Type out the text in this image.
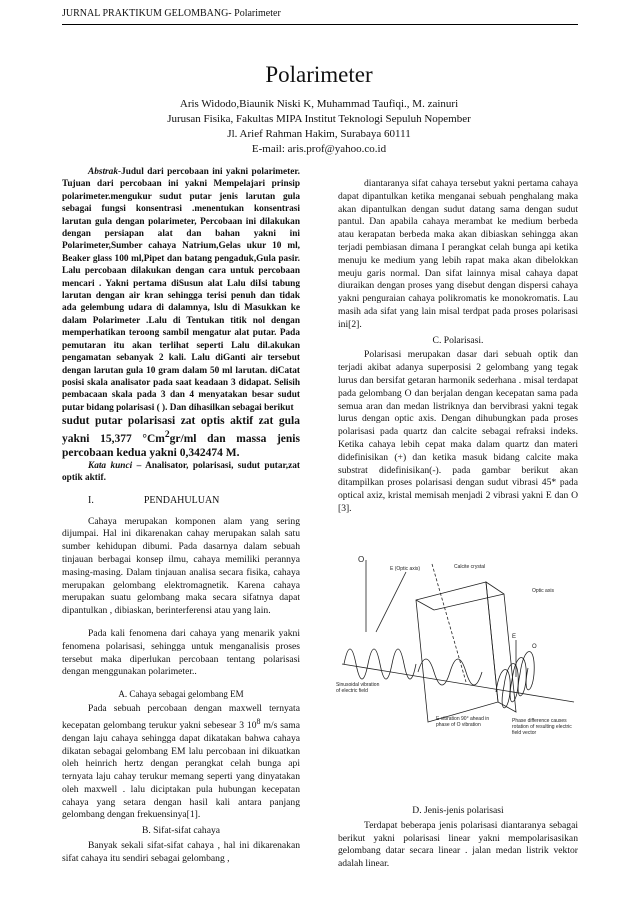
JURNAL PRAKTIKUM GELOMBANG- Polarimeter
Polarimeter
Aris Widodo,Biaunik Niski K, Muhammad Taufiqi., M. zainuri
Jurusan Fisika, Fakultas MIPA Institut Teknologi Sepuluh Nopember
Jl. Arief Rahman Hakim, Surabaya 60111
E-mail: aris.prof@yahoo.co.id

Abstrak-Judul dari percobaan ini yakni polarimeter. Tujuan dari percobaan ini yakni Mempelajari prinsip polarimeter.mengukur sudut putar jenis larutan gula sebagai fungsi konsentrasi .menentukan konsentrasi larutan gula dengan polarimeter, Percobaan ini dilakukan dengan persiapan alat dan bahan yakni ini Polarimeter,Sumber cahaya Natrium,Gelas ukur 10 ml, Beaker glass 100 ml,Pipet dan batang pengaduk,Gula pasir. Lalu percobaan dilakukan dengan cara untuk percobaan mencari . Yakni pertama diSusun alat Lalu diIsi tabung larutan dengan air kran sehingga terisi penuh dan tidak ada gelembung udara di dalamnya, lslu di Masukkan ke dalam Polarimeter .Lalu di Tentukan titik nol dengan memperhatikan teroong sambil mengatur alat putar. Pada pemutaran itu akan terlihat seperti Lalu dil.akukan pengamatan sebanyak 2 kali. Lalu diGanti air tersebut dengan larutan gula 10 gram dalam 50 ml larutan. diCatat posisi skala analisator pada saat keadaan 3 didapat. Selisih pembacaan skala pada 3 dan 4 menyatakan besar sudut putar bidang polarisasi ( ). Dan dihasilkan sebagai berikut

sudut putar polarisasi zat optis aktif zat gula yakni 15,377 °Cm$^2$gr/ml dan massa jenis percobaan kedua yakni 0,342474 M.

Kata kunci – Analisator, polarisasi, sudut putar,zat optik aktif.

I.	PENDAHULUAN

Cahaya merupakan komponen alam yang sering dijumpai. Hal ini dikarenakan cahay merupakan salah satu sumber kehidupan dibumi. Pada dasarnya dalam sebuah tinjauan berbagai konsep ilmu, cahaya memiliki perannya masing-masing. Dalam tinjauan analisa secara fisika, cahaya merupakan gelombang elektromagnetik. Karena cahaya merupakan suatu gelombang maka secara sifatnya dapat dipantulkan , dibiaskan, berinterferensi atau yang lain.

Pada kali fenomena dari cahaya yang menarik yakni fenomena polarisasi, sehingga untuk menganalisis proses tersebut maka diperlukan percobaan tentang polarisasi dengan menggunakan polarimeter..

A. Cahaya sebagai gelombang EM

Pada sebuah percobaan dengan maxwell ternyata kecepatan gelombang terukur yakni sebesear 3 $10^8$ m/s sama dengan laju cahaya sehingga dapat dikatakan bahwa cahaya dikatan sebagai gelombang EM lalu percobaan ini dikuatkan oleh heinrich hertz dengan perangkat celah bunga api ternyata laju cahay terukur memang seperti yang dinyatakan oleh maxwell . lalu diciptakan pula hubungan kecepatan cahaya yang setara dengan hasil kali antara panjang gelombang dengan frekuensinya[1].

B. Sifat-sifat cahaya

Banyak sekali sifat-sifat cahaya , hal ini dikarenakan sifat cahaya itu sendiri sebagai gelombang ,

diantaranya sifat cahaya tersebut yakni pertama cahaya dapat dipantulkan ketika menganai sebuah penghalang maka akan dipantulkan dengan sudut datang sama dengan sudut pantul. Dan apabila cahaya merambat ke medium berbeda atau kerapatan berbeda maka akan dibiaskan sehingga akan terjadi pembiasan dimana I perangkat celah bunga api ketika menuju ke medium yang lebih rapat maka akan dibelokkan meuju garis normal. Dan sifat lainnya misal cahaya dapat diuraikan dengan proses yang disebut dengan dispersi cahaya yakni penguraian cahaya polikromatis ke monokromatis. Lau masih ada sifat yang lain misal terdpat pada proses polarisasi ini[2].

C. Polarisasi.

Polarisasi merupakan dasar dari sebuah optik dan terjadi akibat adanya superposisi 2 gelombang yang tegak lurus dan bersifat getaran harmonik sederhana . misal terdapat pada gelombang O dan berjalan dengan kecepatan sama pada semua aran dan medan listriknya dan bervibrasi yakni tegak lurus dengan optic axis. Dengan dihubungkan pada proses polarisasi pada quartz dan calcite sebagai refraksi indeks. Ketika cahaya lebih cepat maka dalam quartz dan materi didefinisikan (+) dan ketika masuk bidang calcite maka substrat didefinisikan(-). pada gambar berikut akan ditampilkan proses polarisasi dengan sudut vibrasi 45* pada optical axiz, kristal memisah menjadi 2 vibrasi yakni E dan O [3].

O
E (Optic axis)	Calcite crystal
Optic axis
Sinusoidal vibration of electric field
E vibration 90° ahead in phase of O vibration
Phase difference causes rotation of resulting electric field vector
E
O
D. Jenis-jenis polarisasi

Terdapat beberapa jenis polarisasi diantaranya sebagai berikut yakni polarisasi linear yakni mempolarisasikan gelombang datar secara linear . jalan medan listrik vektor adalah linear.
